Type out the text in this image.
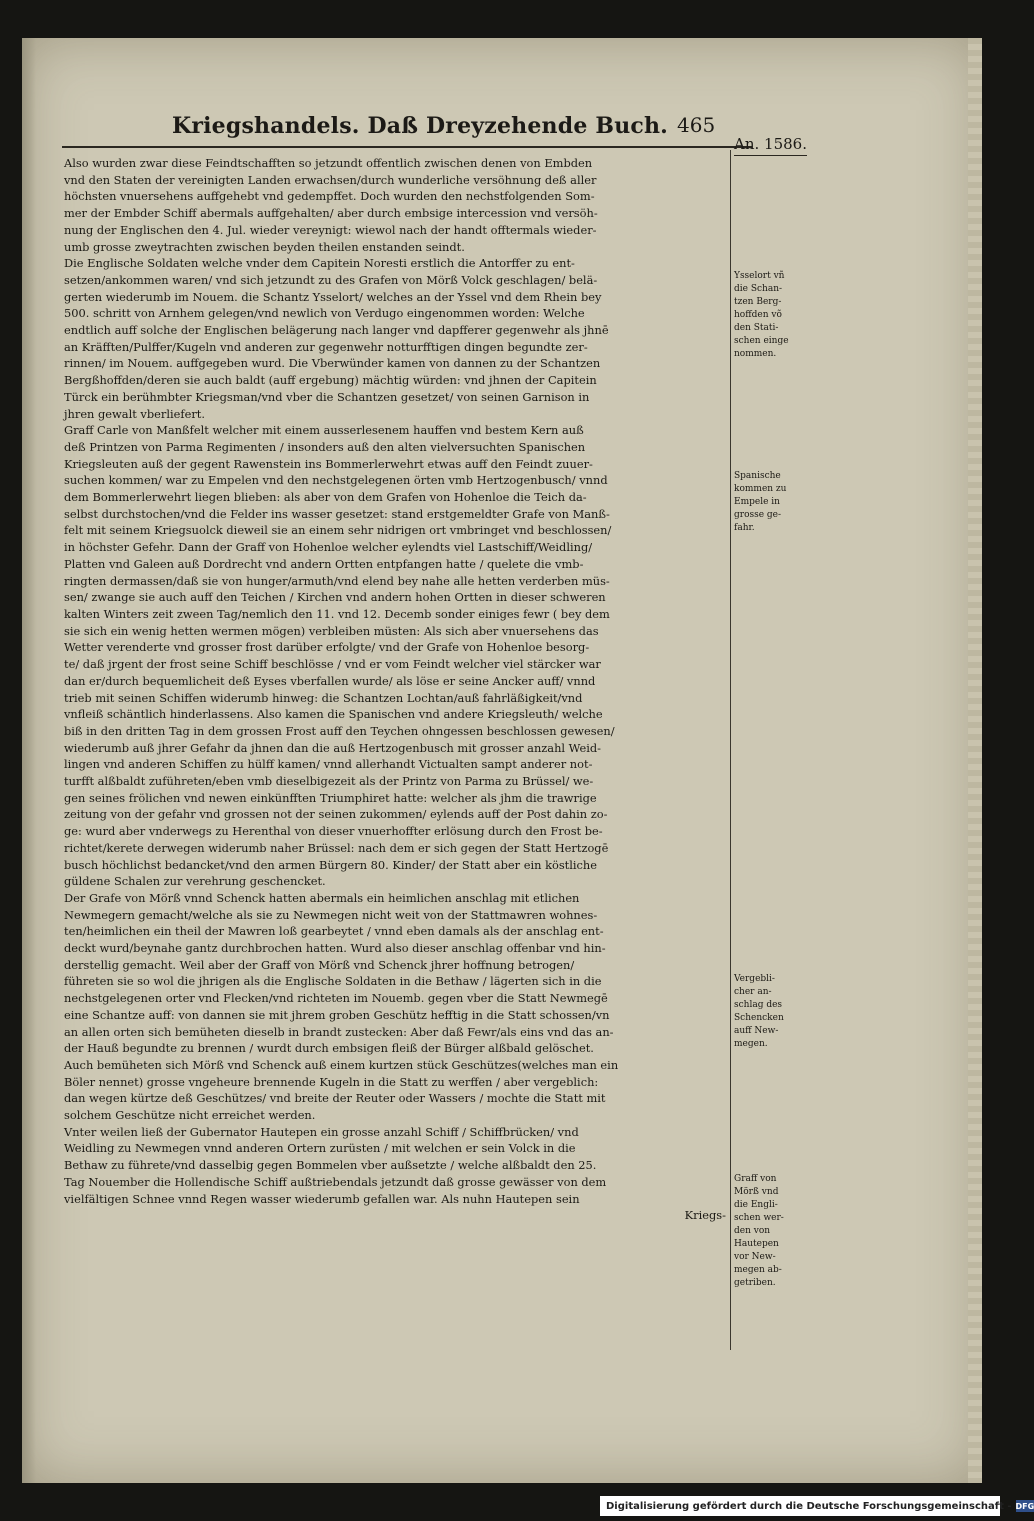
Kriegshandels. Daß Dreyzehende Buch. 465
An. 1586.

Also wurden zwar diese Feindtschafften so jetzundt offentlich zwischen denen von Embden
vnd den Staten der vereinigten Landen erwachsen/durch wunderliche versöhnung deß aller
höchsten vnuersehens auffgehebt vnd gedempffet. Doch wurden den nechstfolgenden Som-
mer der Embder Schiff abermals auffgehalten/ aber durch embsige intercession vnd versöh-
nung der Englischen den 4. Jul. wieder vereynigt: wiewol nach der handt offtermals wieder-
umb grosse zweytrachten zwischen beyden theilen enstanden seindt.

Die Englische Soldaten welche vnder dem Capitein Noresti erstlich die Antorffer zu ent-
setzen/ankommen waren/ vnd sich jetzundt zu des Grafen von Mörß Volck geschlagen/ belä-
gerten wiederumb im Nouem. die Schantz Ysselort/ welches an der Yssel vnd dem Rhein bey
500. schritt von Arnhem gelegen/vnd newlich von Verdugo eingenommen worden: Welche
endtlich auff solche der Englischen belägerung nach langer vnd dapfferer gegenwehr als jhnē
an Kräfften/Pulffer/Kugeln vnd anderen zur gegenwehr notturfftigen dingen begundte zer-
rinnen/ im Nouem. auffgegeben wurd. Die Vberwünder kamen von dannen zu der Schantzen
Bergßhoffden/deren sie auch baldt (auff ergebung) mächtig würden: vnd jhnen der Capitein
Türck ein berühmbter Kriegsman/vnd vber die Schantzen gesetzet/ von seinen Garnison in
jhren gewalt vberliefert.

Graff Carle von Manßfelt welcher mit einem ausserlesenem hauffen vnd bestem Kern auß
deß Printzen von Parma Regimenten / insonders auß den alten vielversuchten Spanischen
Kriegsleuten auß der gegent Rawenstein ins Bommerlerwehrt etwas auff den Feindt zuuer-
suchen kommen/ war zu Empelen vnd den nechstgelegenen örten vmb Hertzogenbusch/ vnnd
dem Bommerlerwehrt liegen blieben: als aber von dem Grafen von Hohenloe die Teich da-
selbst durchstochen/vnd die Felder ins wasser gesetzet: stand erstgemeldter Grafe von Manß-
felt mit seinem Kriegsuolck dieweil sie an einem sehr nidrigen ort vmbringet vnd beschlossen/
in höchster Gefehr. Dann der Graff von Hohenloe welcher eylendts viel Lastschiff/Weidling/
Platten vnd Galeen auß Dordrecht vnd andern Ortten entpfangen hatte / quelete die vmb-
ringten dermassen/daß sie von hunger/armuth/vnd elend bey nahe alle hetten verderben müs-
sen/ zwange sie auch auff den Teichen / Kirchen vnd andern hohen Ortten in dieser schweren
kalten Winters zeit zween Tag/nemlich den 11. vnd 12. Decemb sonder einiges fewr ( bey dem
sie sich ein wenig hetten wermen mögen) verbleiben müsten: Als sich aber vnuersehens das
Wetter verenderte vnd grosser frost darüber erfolgte/ vnd der Grafe von Hohenloe besorg-
te/ daß jrgent der frost seine Schiff beschlösse / vnd er vom Feindt welcher viel stärcker war
dan er/durch bequemlicheit deß Eyses vberfallen wurde/ als löse er seine Ancker auff/ vnnd
trieb mit seinen Schiffen widerumb hinweg: die Schantzen Lochtan/auß fahrläßigkeit/vnd
vnfleiß schäntlich hinderlassens. Also kamen die Spanischen vnd andere Kriegsleuth/ welche
biß in den dritten Tag in dem grossen Frost auff den Teychen ohngessen beschlossen gewesen/
wiederumb auß jhrer Gefahr da jhnen dan die auß Hertzogenbusch mit grosser anzahl Weid-
lingen vnd anderen Schiffen zu hülff kamen/ vnnd allerhandt Victualten sampt anderer not-
turfft alßbaldt zuführeten/eben vmb dieselbigezeit als der Printz von Parma zu Brüssel/ we-
gen seines frölichen vnd newen einkünfften Triumphiret hatte: welcher als jhm die trawrige
zeitung von der gefahr vnd grossen not der seinen zukommen/ eylends auff der Post dahin zo-
ge: wurd aber vnderwegs zu Herenthal von dieser vnuerhoffter erlösung durch den Frost be-
richtet/kerete derwegen widerumb naher Brüssel: nach dem er sich gegen der Statt Hertzogē
busch höchlichst bedancket/vnd den armen Bürgern 80. Kinder/ der Statt aber ein köstliche
güldene Schalen zur verehrung geschencket.

Der Grafe von Mörß vnnd Schenck hatten abermals ein heimlichen anschlag mit etlichen
Newmegern gemacht/welche als sie zu Newmegen nicht weit von der Stattmawren wohnes-
ten/heimlichen ein theil der Mawren loß gearbeytet / vnnd eben damals als der anschlag ent-
deckt wurd/beynahe gantz durchbrochen hatten. Wurd also dieser anschlag offenbar vnd hin-
derstellig gemacht. Weil aber der Graff von Mörß vnd Schenck jhrer hoffnung betrogen/
führeten sie so wol die jhrigen als die Englische Soldaten in die Bethaw / lägerten sich in die
nechstgelegenen orter vnd Flecken/vnd richteten im Nouemb. gegen vber die Statt Newmegē
eine Schantze auff: von dannen sie mit jhrem groben Geschütz hefftig in die Statt schossen/vn
an allen orten sich bemüheten dieselb in brandt zustecken: Aber daß Fewr/als eins vnd das an-
der Hauß begundte zu brennen / wurdt durch embsigen fleiß der Bürger alßbald gelöschet.
Auch bemüheten sich Mörß vnd Schenck auß einem kurtzen stück Geschützes(welches man ein
Böler nennet) grosse vngeheure brennende Kugeln in die Statt zu werffen / aber vergeblich:
dan wegen kürtze deß Geschützes/ vnd breite der Reuter oder Wassers / mochte die Statt mit
solchem Geschütze nicht erreichet werden.

Vnter weilen ließ der Gubernator Hautepen ein grosse anzahl Schiff / Schiffbrücken/ vnd
Weidling zu Newmegen vnnd anderen Ortern zurüsten / mit welchen er sein Volck in die
Bethaw zu führete/vnd dasselbig gegen Bommelen vber außsetzte / welche alßbaldt den 25.
Tag Nouember die Hollendische Schiff außtriebendals jetzundt daß grosse gewässer von dem
vielfältigen Schnee vnnd Regen wasser wiederumb gefallen war. Als nuhn Hautepen sein

Kriegs-
Ysselort vñ
die Schan-
tzen Berg-
hoffden võ
den Stati-
schen einge
nommen.
Spanische
kommen zu
Empele in
grosse ge-
fahr.
Vergebli-
cher an-
schlag des
Schencken
auff New-
megen.
Graff von
Mörß vnd
die Engli-
schen wer-
den von
Hautepen
vor New-
megen ab-
getriben.
Digitalisierung gefördert durch die Deutsche Forschungsgemeinschaft - DFG
